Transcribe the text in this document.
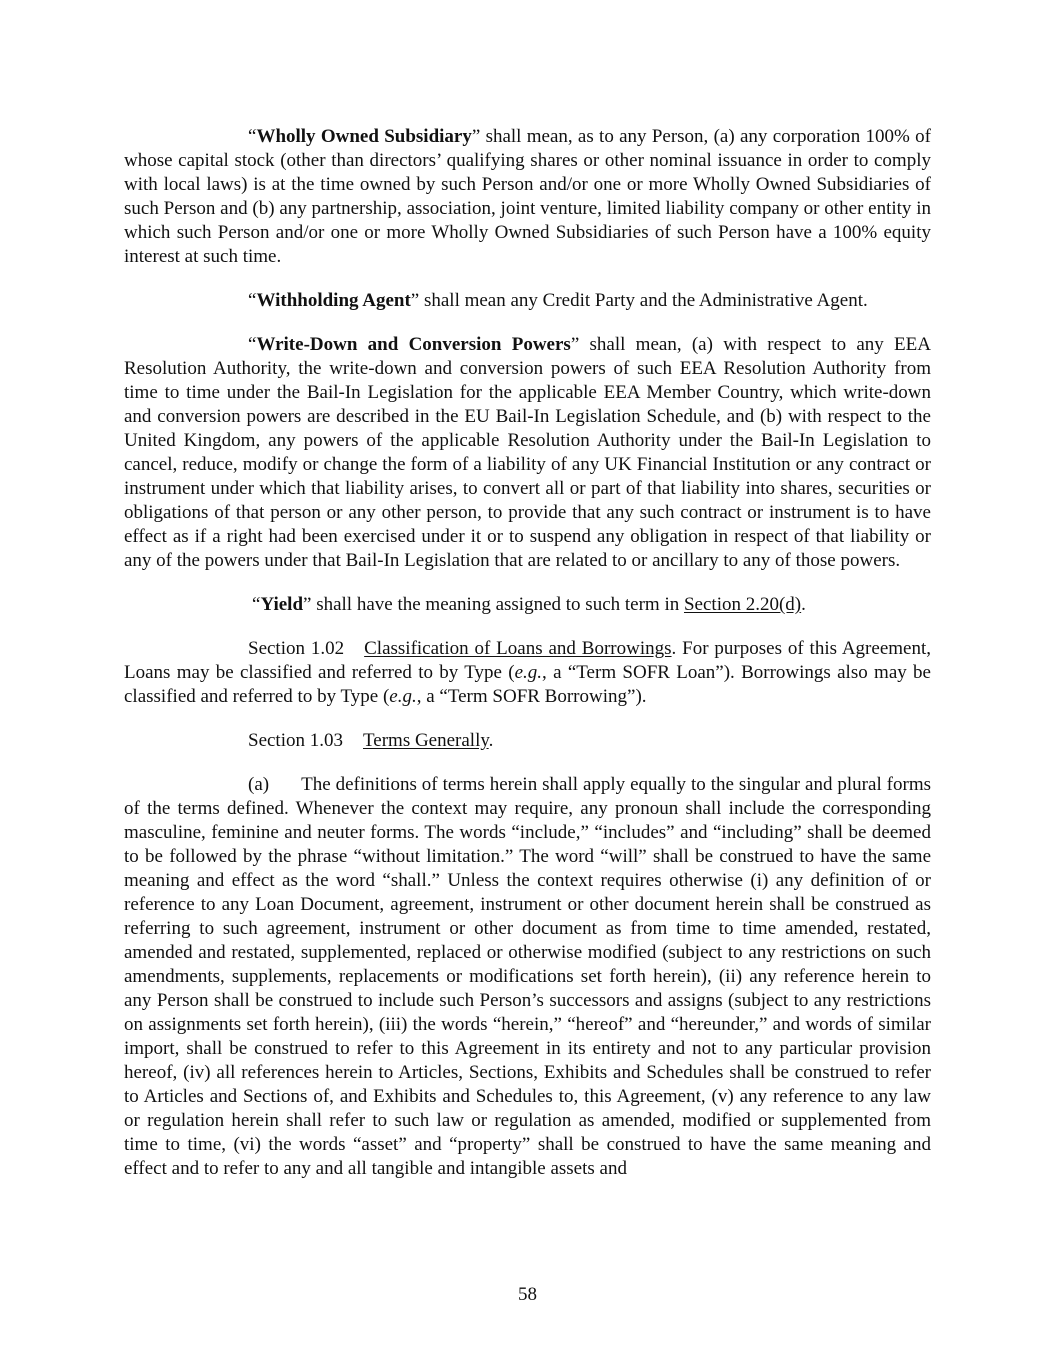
“Wholly Owned Subsidiary” shall mean, as to any Person, (a) any corporation 100% of whose capital stock (other than directors’ qualifying shares or other nominal issuance in order to comply with local laws) is at the time owned by such Person and/or one or more Wholly Owned Subsidiaries of such Person and (b) any partnership, association, joint venture, limited liability company or other entity in which such Person and/or one or more Wholly Owned Subsidiaries of such Person have a 100% equity interest at such time.

“Withholding Agent” shall mean any Credit Party and the Administrative Agent.

“Write-Down and Conversion Powers” shall mean, (a) with respect to any EEA Resolution Authority, the write-down and conversion powers of such EEA Resolution Authority from time to time under the Bail-In Legislation for the applicable EEA Member Country, which write-down and conversion powers are described in the EU Bail-In Legislation Schedule, and (b) with respect to the United Kingdom, any powers of the applicable Resolution Authority under the Bail-In Legislation to cancel, reduce, modify or change the form of a liability of any UK Financial Institution or any contract or instrument under which that liability arises, to convert all or part of that liability into shares, securities or obligations of that person or any other person, to provide that any such contract or instrument is to have effect as if a right had been exercised under it or to suspend any obligation in respect of that liability or any of the powers under that Bail-In Legislation that are related to or ancillary to any of those powers.

“Yield” shall have the meaning assigned to such term in Section 2.20(d).

Section 1.02 Classification of Loans and Borrowings. For purposes of this Agreement, Loans may be classified and referred to by Type (e.g., a “Term SOFR Loan”). Borrowings also may be classified and referred to by Type (e.g., a “Term SOFR Borrowing”).

Section 1.03 Terms Generally.

(a) The definitions of terms herein shall apply equally to the singular and plural forms of the terms defined. Whenever the context may require, any pronoun shall include the corresponding masculine, feminine and neuter forms. The words “include,” “includes” and “including” shall be deemed to be followed by the phrase “without limitation.” The word “will” shall be construed to have the same meaning and effect as the word “shall.” Unless the context requires otherwise (i) any definition of or reference to any Loan Document, agreement, instrument or other document herein shall be construed as referring to such agreement, instrument or other document as from time to time amended, restated, amended and restated, supplemented, replaced or otherwise modified (subject to any restrictions on such amendments, supplements, replacements or modifications set forth herein), (ii) any reference herein to any Person shall be construed to include such Person’s successors and assigns (subject to any restrictions on assignments set forth herein), (iii) the words “herein,” “hereof” and “hereunder,” and words of similar import, shall be construed to refer to this Agreement in its entirety and not to any particular provision hereof, (iv) all references herein to Articles, Sections, Exhibits and Schedules shall be construed to refer to Articles and Sections of, and Exhibits and Schedules to, this Agreement, (v) any reference to any law or regulation herein shall refer to such law or regulation as amended, modified or supplemented from time to time, (vi) the words “asset” and “property” shall be construed to have the same meaning and effect and to refer to any and all tangible and intangible assets and

58
